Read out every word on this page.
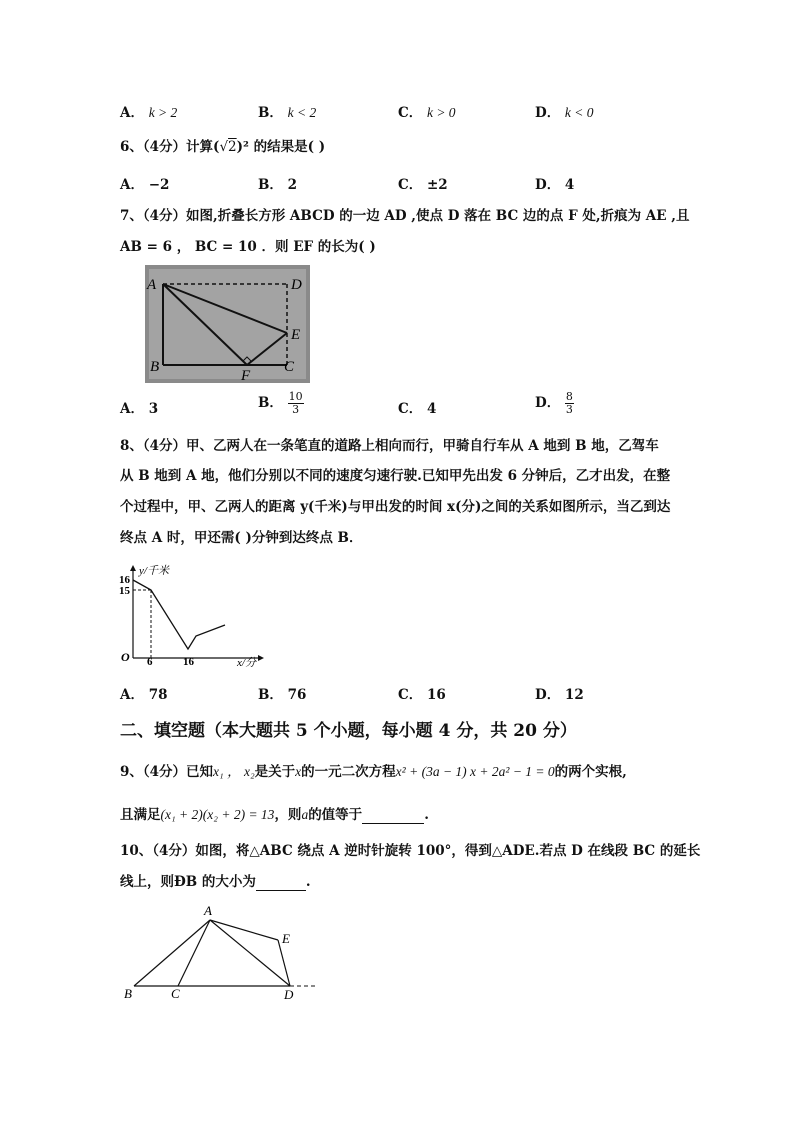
A． k > 2	B． k < 2	C． k > 0	D． k < 0
6、（4分）计算(√2)² 的结果是( )
A． −2	B． 2	C． ±2	D． 4
7、（4分）如图,折叠长方形 ABCD 的一边 AD ,使点 D 落在 BC 边的点 F 处,折痕为 AE ,且
AB = 6 ， BC = 10 ．则 EF 的长为( )
A	D
E
B
F
C
A． 3	B． $\frac{10}{3}$	C． 4	D． $\frac{8}{3}$
8、（4分）甲、乙两人在一条笔直的道路上相向而行，甲骑自行车从 A 地到 B 地，乙驾车
从 B 地到 A 地，他们分别以不同的速度匀速行驶.已知甲先出发 6 分钟后，乙才出发，在整
个过程中，甲、乙两人的距离 y(千米)与甲出发的时间 x(分)之间的关系如图所示，当乙到达
终点 A 时，甲还需( )分钟到达终点 B．
y/千米
16
15
O 6	16	x/分
A． 78	B． 76	C． 16	D． 12
二、填空题（本大题共 5 个小题，每小题 4 分，共 20 分）
9、（4分）已知x₁ ， x₂是关于x的一元二次方程x² + (3a − 1) x + 2a² − 1 = 0的两个实根,
且满足(x₁ + 2)(x₂ + 2) = 13，则a的值等于	.
10、（4分）如图，将△ABC 绕点 A 逆时针旋转 100°，得到△ADE.若点 D 在线段 BC 的延长
线上，则ÐB 的大小为	.
A
E
B	C	D
